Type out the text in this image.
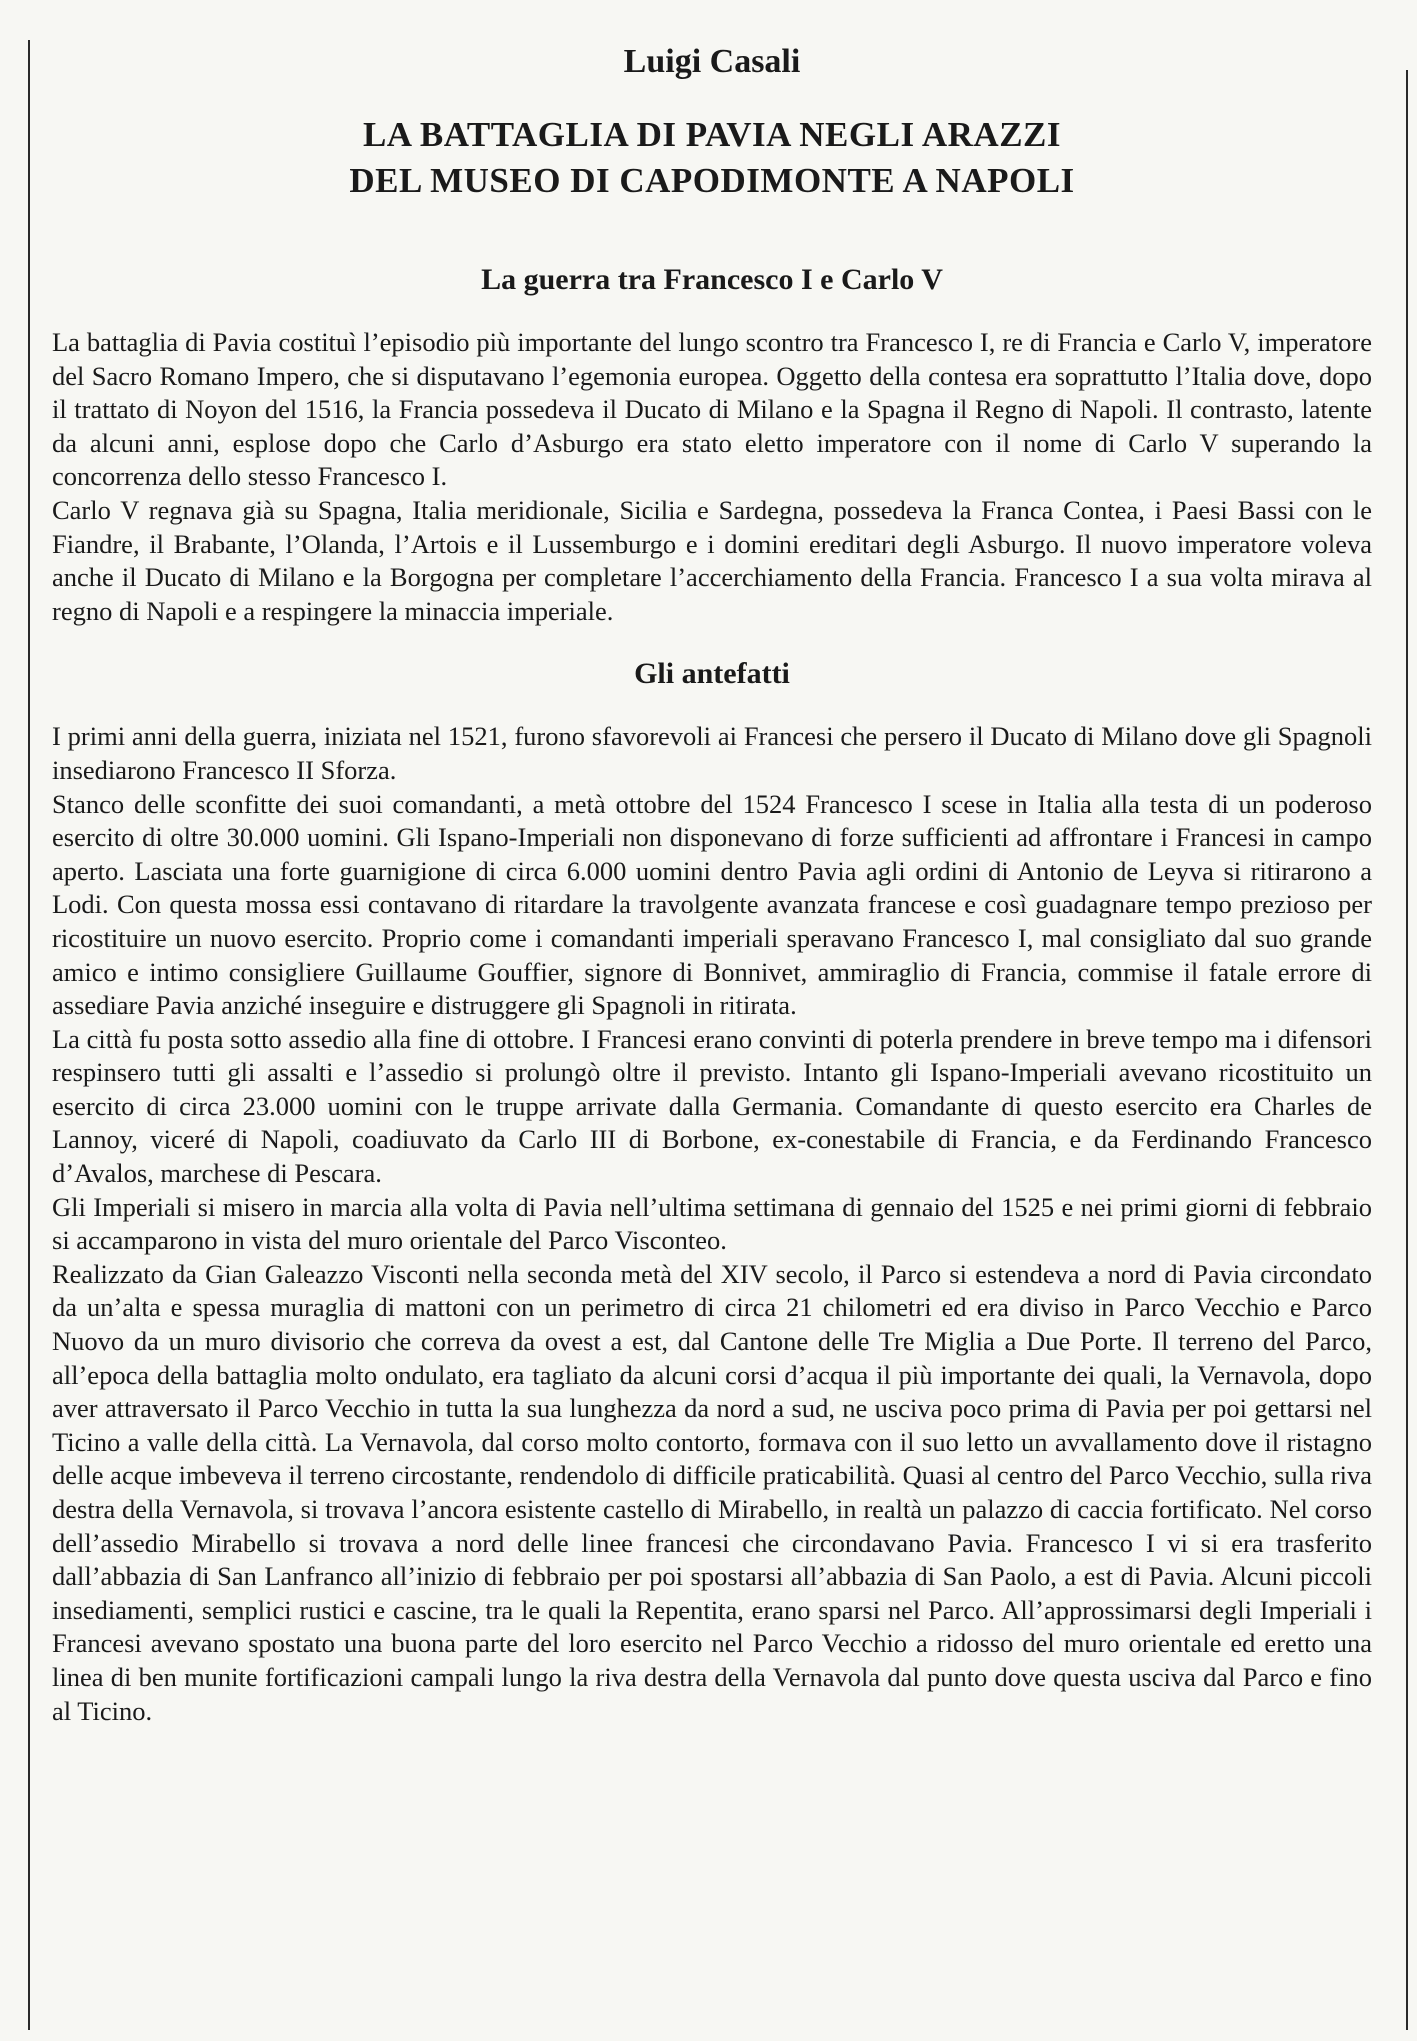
Luigi Casali
LA BATTAGLIA DI PAVIA NEGLI ARAZZI
DEL MUSEO DI CAPODIMONTE A NAPOLI
La guerra tra Francesco I e Carlo V

La battaglia di Pavia costituì l’episodio più importante del lungo scontro tra Francesco I, re di Francia e Carlo V, imperatore del Sacro Romano Impero, che si disputavano l’egemonia europea. Oggetto della contesa era soprattutto l’Italia dove, dopo il trattato di Noyon del 1516, la Francia possedeva il Ducato di Milano e la Spagna il Regno di Napoli. Il contrasto, latente da alcuni anni, esplose dopo che Carlo d’Asburgo era stato eletto imperatore con il nome di Carlo V superando la concorrenza dello stesso Francesco I.

Carlo V regnava già su Spagna, Italia meridionale, Sicilia e Sardegna, possedeva la Franca Contea, i Paesi Bassi con le Fiandre, il Brabante, l’Olanda, l’Artois e il Lussemburgo e i domini ereditari degli Asburgo. Il nuovo imperatore voleva anche il Ducato di Milano e la Borgogna per completare l’accerchiamento della Francia. Francesco I a sua volta mirava al regno di Napoli e a respingere la minaccia imperiale.

Gli antefatti

I primi anni della guerra, iniziata nel 1521, furono sfavorevoli ai Francesi che persero il Ducato di Milano dove gli Spagnoli insediarono Francesco II Sforza.

Stanco delle sconfitte dei suoi comandanti, a metà ottobre del 1524 Francesco I scese in Italia alla testa di un poderoso esercito di oltre 30.000 uomini. Gli Ispano-Imperiali non disponevano di forze sufficienti ad affrontare i Francesi in campo aperto. Lasciata una forte guarnigione di circa 6.000 uomini dentro Pavia agli ordini di Antonio de Leyva si ritirarono a Lodi. Con questa mossa essi contavano di ritardare la travolgente avanzata francese e così guadagnare tempo prezioso per ricostituire un nuovo esercito. Proprio come i comandanti imperiali speravano Francesco I, mal consigliato dal suo grande amico e intimo consigliere Guillaume Gouffier, signore di Bonnivet, ammiraglio di Francia, commise il fatale errore di assediare Pavia anziché inseguire e distruggere gli Spagnoli in ritirata.

La città fu posta sotto assedio alla fine di ottobre. I Francesi erano convinti di poterla prendere in breve tempo ma i difensori respinsero tutti gli assalti e l’assedio si prolungò oltre il previsto. Intanto gli Ispano-Imperiali avevano ricostituito un esercito di circa 23.000 uomini con le truppe arrivate dalla Germania. Comandante di questo esercito era Charles de Lannoy, viceré di Napoli, coadiuvato da Carlo III di Borbone, ex-conestabile di Francia, e da Ferdinando Francesco d’Avalos, marchese di Pescara.

Gli Imperiali si misero in marcia alla volta di Pavia nell’ultima settimana di gennaio del 1525 e nei primi giorni di febbraio si accamparono in vista del muro orientale del Parco Visconteo.

Realizzato da Gian Galeazzo Visconti nella seconda metà del XIV secolo, il Parco si estendeva a nord di Pavia circondato da un’alta e spessa muraglia di mattoni con un perimetro di circa 21 chilometri ed era diviso in Parco Vecchio e Parco Nuovo da un muro divisorio che correva da ovest a est, dal Cantone delle Tre Miglia a Due Porte. Il terreno del Parco, all’epoca della battaglia molto ondulato, era tagliato da alcuni corsi d’acqua il più importante dei quali, la Vernavola, dopo aver attraversato il Parco Vecchio in tutta la sua lunghezza da nord a sud, ne usciva poco prima di Pavia per poi gettarsi nel Ticino a valle della città. La Vernavola, dal corso molto contorto, formava con il suo letto un avvallamento dove il ristagno delle acque imbeveva il terreno circostante, rendendolo di difficile praticabilità. Quasi al centro del Parco Vecchio, sulla riva destra della Vernavola, si trovava l’ancora esistente castello di Mirabello, in realtà un palazzo di caccia fortificato. Nel corso dell’assedio Mirabello si trovava a nord delle linee francesi che circondavano Pavia. Francesco I vi si era trasferito dall’abbazia di San Lanfranco all’inizio di febbraio per poi spostarsi all’abbazia di San Paolo, a est di Pavia. Alcuni piccoli insediamenti, semplici rustici e cascine, tra le quali la Repentita, erano sparsi nel Parco. All’approssimarsi degli Imperiali i Francesi avevano spostato una buona parte del loro esercito nel Parco Vecchio a ridosso del muro orientale ed eretto una linea di ben munite fortificazioni campali lungo la riva destra della Vernavola dal punto dove questa usciva dal Parco e fino al Ticino.
